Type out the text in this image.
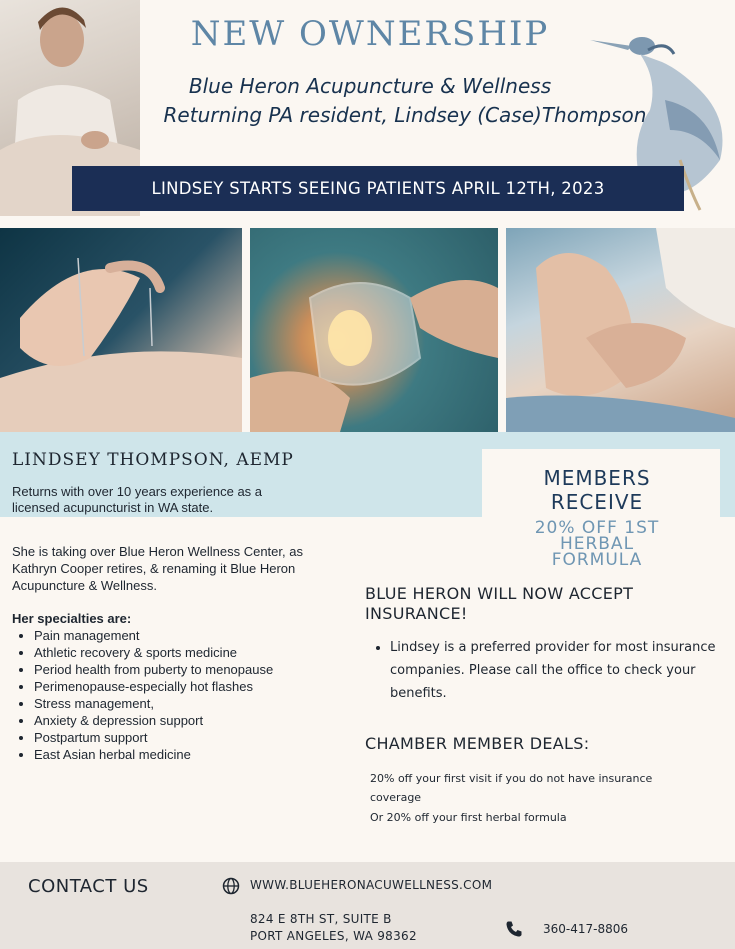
NEW OWNERSHIP
Blue Heron Acupuncture & Wellness
Returning PA resident, Lindsey (Case)Thompson
LINDSEY STARTS SEEING PATIENTS APRIL 12TH, 2023
LINDSEY THOMPSON, AEMP
Returns with over 10 years experience as a licensed acupuncturist in WA state.
MEMBERS
RECEIVE
20% OFF 1ST
HERBAL
FORMULA
She is taking over Blue Heron Wellness Center, as Kathryn Cooper retires, & renaming it Blue Heron Acupuncture & Wellness.
Her specialties are:
• Pain management
• Athletic recovery & sports medicine
• Period health from puberty to menopause
• Perimenopause-especially hot flashes
• Stress management,
• Anxiety & depression support
• Postpartum support
• East Asian herbal medicine
BLUE HERON WILL NOW ACCEPT INSURANCE!
• Lindsey is a preferred provider for most insurance companies. Please call the office to check your benefits.
CHAMBER MEMBER DEALS:
20% off your first visit if you do not have insurance coverage
Or 20% off your first herbal formula
CONTACT US	WWW.BLUEHERONACUWELLNESS.COM
824 E 8TH ST, SUITE B
PORT ANGELES, WA 98362	360-417-8806
